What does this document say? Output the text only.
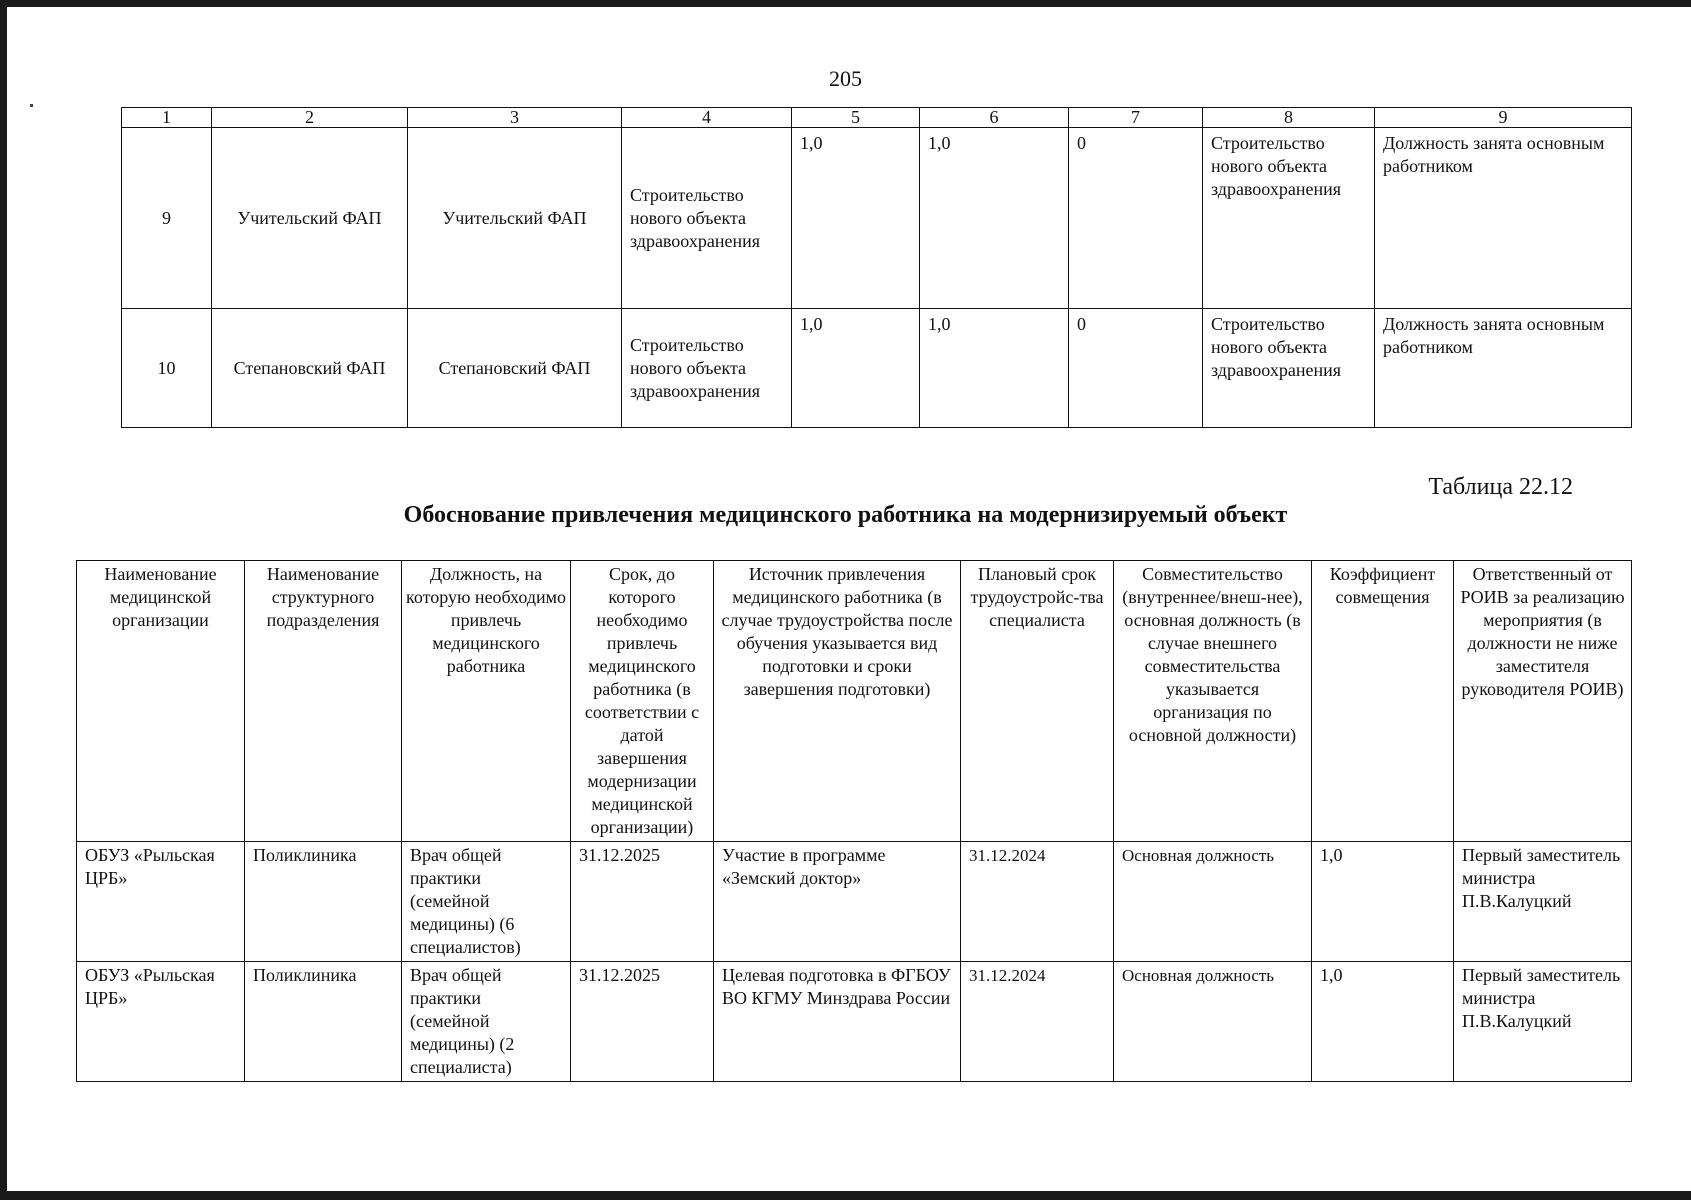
205
1	2	3	4	5	6	7	8	9
9	Учительский ФАП	Учительский ФАП	Строительство нового объекта здравоохранения	1,0	1,0	0	Строительство нового объекта здравоохранения	Должность занята основным работником
10	Степановский ФАП	Степановский ФАП	Строительство нового объекта здравоохранения	1,0	1,0	0	Строительство нового объекта здравоохранения	Должность занята основным работником
Таблица 22.12
Обоснование привлечения медицинского работника на модернизируемый объект
Наименование медицинской организации	Наименование структурного подразделения	Должность, на которую необходимо привлечь медицинского работника	Срок, до которого необходимо привлечь медицинского работника (в соответствии с датой завершения модернизации медицинской организации)	Источник привлечения медицинского работника (в случае трудоустройства после обучения указывается вид подготовки и сроки завершения подготовки)	Плановый срок трудоустройс-тва специалиста	Совместительство (внутреннее/внеш-нее), основная должность (в случае внешнего совместительства указывается организация по основной должности)	Коэффициент совмещения	Ответственный от РОИВ за реализацию мероприятия (в должности не ниже заместителя руководителя РОИВ)
ОБУЗ «Рыльская ЦРБ»	Поликлиника	Врач общей практики (семейной медицины) (6 специалистов)	31.12.2025	Участие в программе «Земский доктор»	31.12.2024	Основная должность	1,0	Первый заместитель министра П.В.Калуцкий
ОБУЗ «Рыльская ЦРБ»	Поликлиника	Врач общей практики (семейной медицины) (2 специалиста)	31.12.2025	Целевая подготовка в ФГБОУ ВО КГМУ Минздрава России	31.12.2024	Основная должность	1,0	Первый заместитель министра П.В.Калуцкий
